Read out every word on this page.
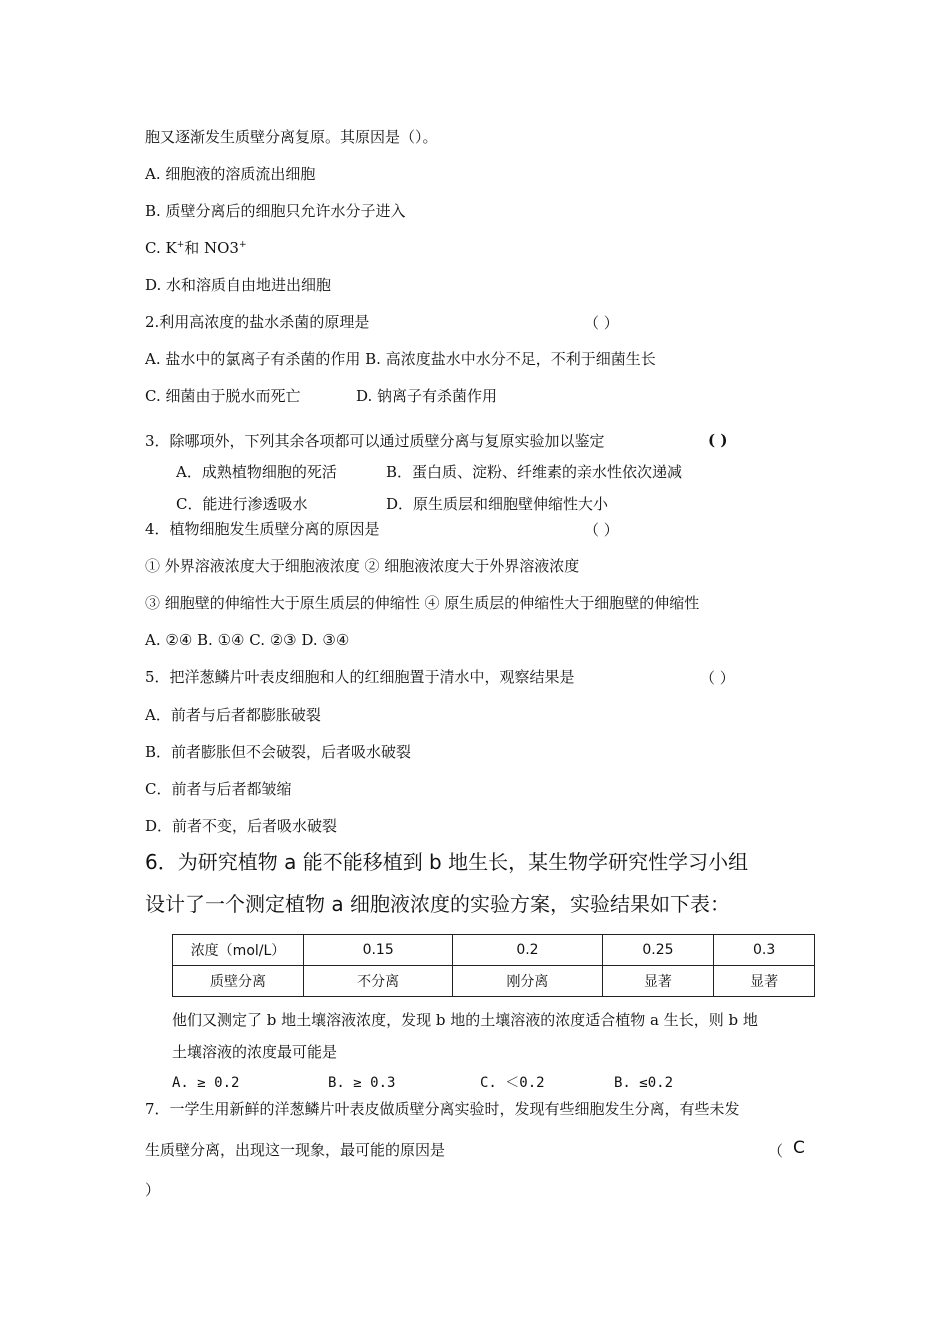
胞又逐渐发生质壁分离复原。其原因是（）。
A. 细胞液的溶质流出细胞
B. 质壁分离后的细胞只允许水分子进入
C. K+和 NO3+
D. 水和溶质自由地进出细胞
2.利用高浓度的盐水杀菌的原理是	（ ）
A. 盐水中的氯离子有杀菌的作用 B. 高浓度盐水中水分不足，不利于细菌生长
C. 细菌由于脱水而死亡	D. 钠离子有杀菌作用
3．除哪项外，下列其余各项都可以通过质壁分离与复原实验加以鉴定	( )
A．成熟植物细胞的死活	B．蛋白质、淀粉、纤维素的亲水性依次递减
C．能进行渗透吸水	D．原生质层和细胞壁伸缩性大小
4．植物细胞发生质壁分离的原因是	（ ）
① 外界溶液浓度大于细胞液浓度 ② 细胞液浓度大于外界溶液浓度
③ 细胞壁的伸缩性大于原生质层的伸缩性 ④ 原生质层的伸缩性大于细胞壁的伸缩性
A. ②④ B. ①④ C. ②③ D. ③④
5．把洋葱鳞片叶表皮细胞和人的红细胞置于清水中，观察结果是	（ ）
A．前者与后者都膨胀破裂
B．前者膨胀但不会破裂，后者吸水破裂
C．前者与后者都皱缩
D．前者不变，后者吸水破裂
6．为研究植物 a 能不能移植到 b 地生长，某生物学研究性学习小组
设计了一个测定植物 a 细胞液浓度的实验方案，实验结果如下表：
浓度（mol/L）	0.15	0.2	0.25	0.3
质壁分离	不分离	刚分离	显著	显著
他们又测定了 b 地土壤溶液浓度，发现 b 地的土壤溶液的浓度适合植物 a 生长，则 b 地
土壤溶液的浓度最可能是
A. ≥ 0.2	B. ≥ 0.3	C. ＜0.2	B. ≤0.2
7．一学生用新鲜的洋葱鳞片叶表皮做质壁分离实验时，发现有些细胞发生分离，有些未发
生质壁分离，出现这一现象，最可能的原因是	（ C
）
